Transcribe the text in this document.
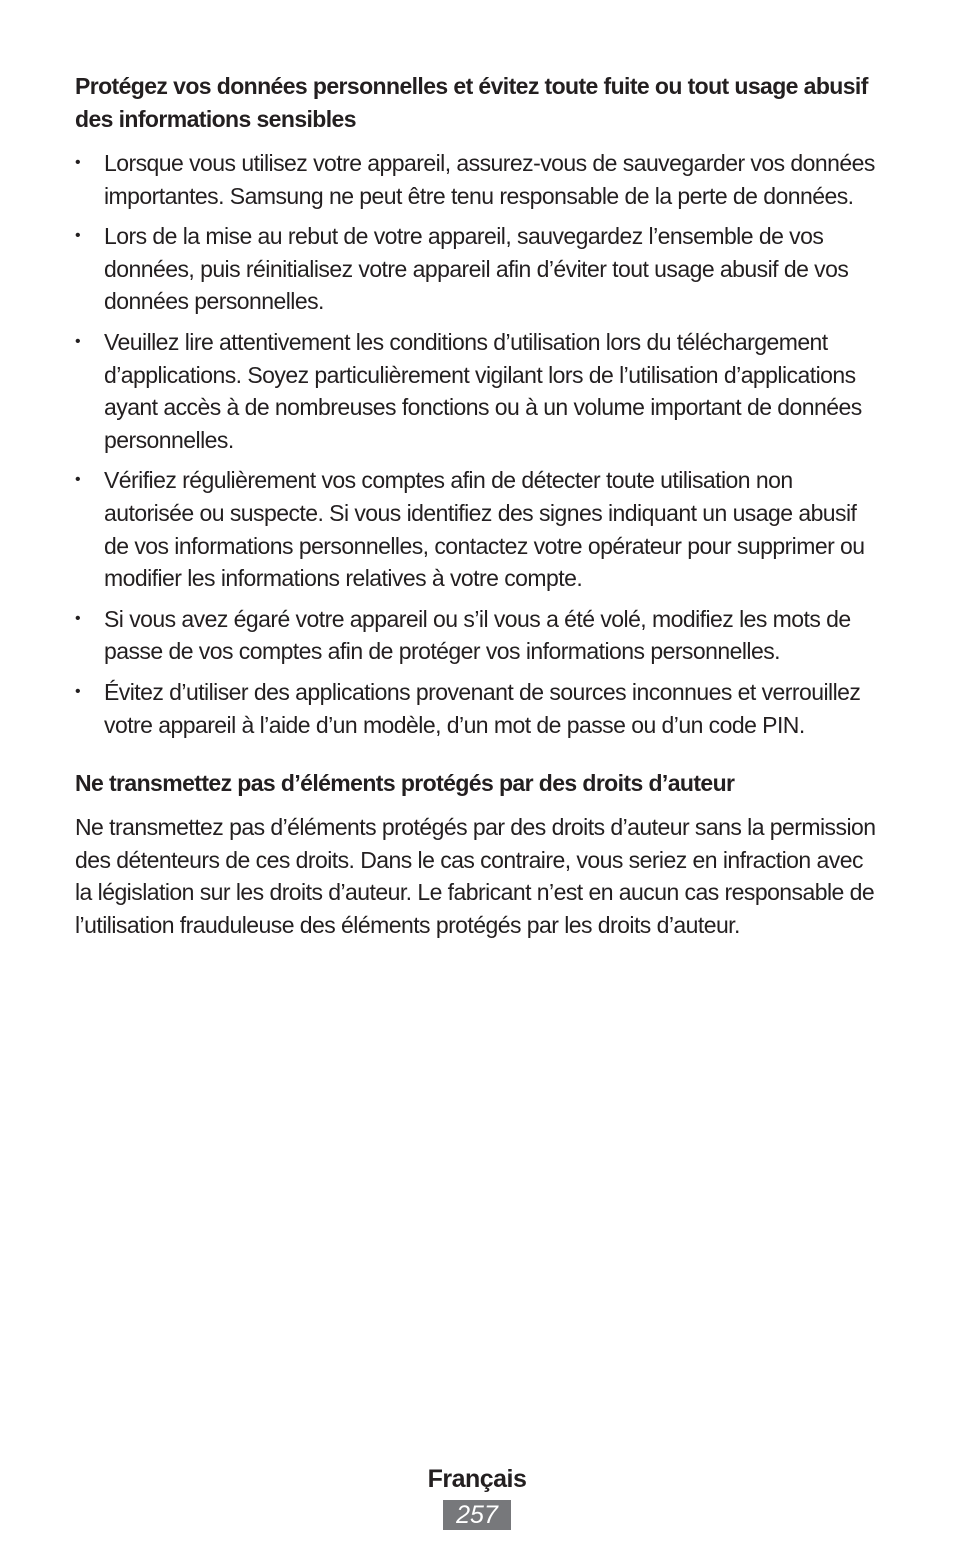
Protégez vos données personnelles et évitez toute fuite ou tout usage abusif des informations sensibles
•	Lorsque vous utilisez votre appareil, assurez-vous de sauvegarder vos données importantes. Samsung ne peut être tenu responsable de la perte de données.
•	Lors de la mise au rebut de votre appareil, sauvegardez l’ensemble de vos données, puis réinitialisez votre appareil afin d’éviter tout usage abusif de vos données personnelles.
•	Veuillez lire attentivement les conditions d’utilisation lors du téléchargement d’applications. Soyez particulièrement vigilant lors de l’utilisation d’applications ayant accès à de nombreuses fonctions ou à un volume important de données personnelles.
•	Vérifiez régulièrement vos comptes afin de détecter toute utilisation non autorisée ou suspecte. Si vous identifiez des signes indiquant un usage abusif de vos informations personnelles, contactez votre opérateur pour supprimer ou modifier les informations relatives à votre compte.
•	Si vous avez égaré votre appareil ou s’il vous a été volé, modifiez les mots de passe de vos comptes afin de protéger vos informations personnelles.
•	Évitez d’utiliser des applications provenant de sources inconnues et verrouillez votre appareil à l’aide d’un modèle, d’un mot de passe ou d’un code PIN.
Ne transmettez pas d’éléments protégés par des droits d’auteur

Ne transmettez pas d’éléments protégés par des droits d’auteur sans la permission des détenteurs de ces droits. Dans le cas contraire, vous seriez en infraction avec la législation sur les droits d’auteur. Le fabricant n’est en aucun cas responsable de l’utilisation frauduleuse des éléments protégés par les droits d’auteur.

Français
257
